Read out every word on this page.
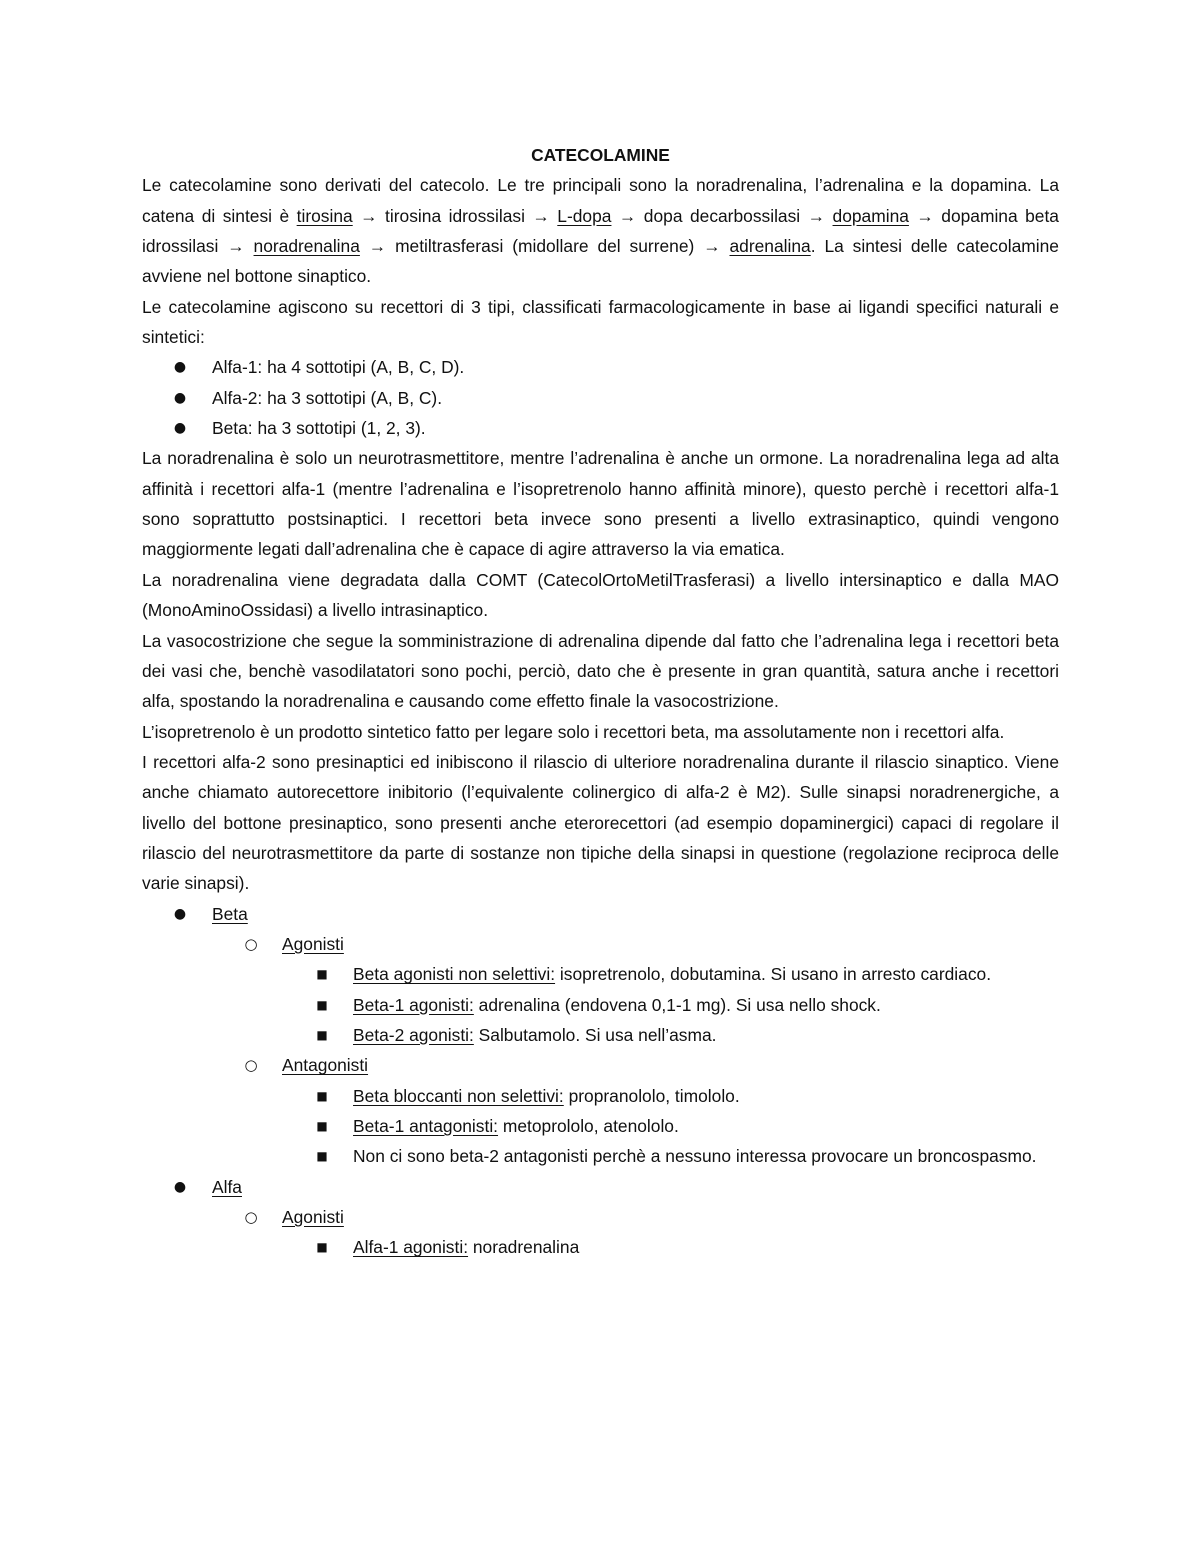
CATECOLAMINE
Le catecolamine sono derivati del catecolo. Le tre principali sono la noradrenalina, l’adrenalina e la dopamina. La catena di sintesi è tirosina → tirosina idrossilasi → L-dopa → dopa decarbossilasi → dopamina → dopamina beta idrossilasi → noradrenalina → metiltrasferasi (midollare del surrene) → adrenalina. La sintesi delle catecolamine avviene nel bottone sinaptico.
Le catecolamine agiscono su recettori di 3 tipi, classificati farmacologicamente in base ai ligandi specifici naturali e sintetici:
● Alfa-1: ha 4 sottotipi (A, B, C, D).
● Alfa-2: ha 3 sottotipi (A, B, C).
● Beta: ha 3 sottotipi (1, 2, 3).
La noradrenalina è solo un neurotrasmettitore, mentre l’adrenalina è anche un ormone. La noradrenalina lega ad alta affinità i recettori alfa-1 (mentre l’adrenalina e l’isopretrenolo hanno affinità minore), questo perchè i recettori alfa-1 sono soprattutto postsinaptici. I recettori beta invece sono presenti a livello extrasinaptico, quindi vengono maggiormente legati dall’adrenalina che è capace di agire attraverso la via ematica.
La noradrenalina viene degradata dalla COMT (CatecolOrtoMetilTrasferasi) a livello intersinaptico e dalla MAO (MonoAminoOssidasi) a livello intrasinaptico.
La vasocostrizione che segue la somministrazione di adrenalina dipende dal fatto che l’adrenalina lega i recettori beta dei vasi che, benchè vasodilatatori sono pochi, perciò, dato che è presente in gran quantità, satura anche i recettori alfa, spostando la noradrenalina e causando come effetto finale la vasocostrizione.
L’isopretrenolo è un prodotto sintetico fatto per legare solo i recettori beta, ma assolutamente non i recettori alfa.
I recettori alfa-2 sono presinaptici ed inibiscono il rilascio di ulteriore noradrenalina durante il rilascio sinaptico. Viene anche chiamato autorecettore inibitorio (l’equivalente colinergico di alfa-2 è M2). Sulle sinapsi noradrenergiche, a livello del bottone presinaptico, sono presenti anche eterorecettori (ad esempio dopaminergici) capaci di regolare il rilascio del neurotrasmettitore da parte di sostanze non tipiche della sinapsi in questione (regolazione reciproca delle varie sinapsi).
● Beta
○ Agonisti
■ Beta agonisti non selettivi: isopretrenolo, dobutamina. Si usano in arresto cardiaco.
■ Beta-1 agonisti: adrenalina (endovena 0,1-1 mg). Si usa nello shock.
■ Beta-2 agonisti: Salbutamolo. Si usa nell’asma.
○ Antagonisti
■ Beta bloccanti non selettivi: propranololo, timololo.
■ Beta-1 antagonisti: metoprololo, atenololo.
■ Non ci sono beta-2 antagonisti perchè a nessuno interessa provocare un broncospasmo.
● Alfa
○ Agonisti
■ Alfa-1 agonisti: noradrenalina
